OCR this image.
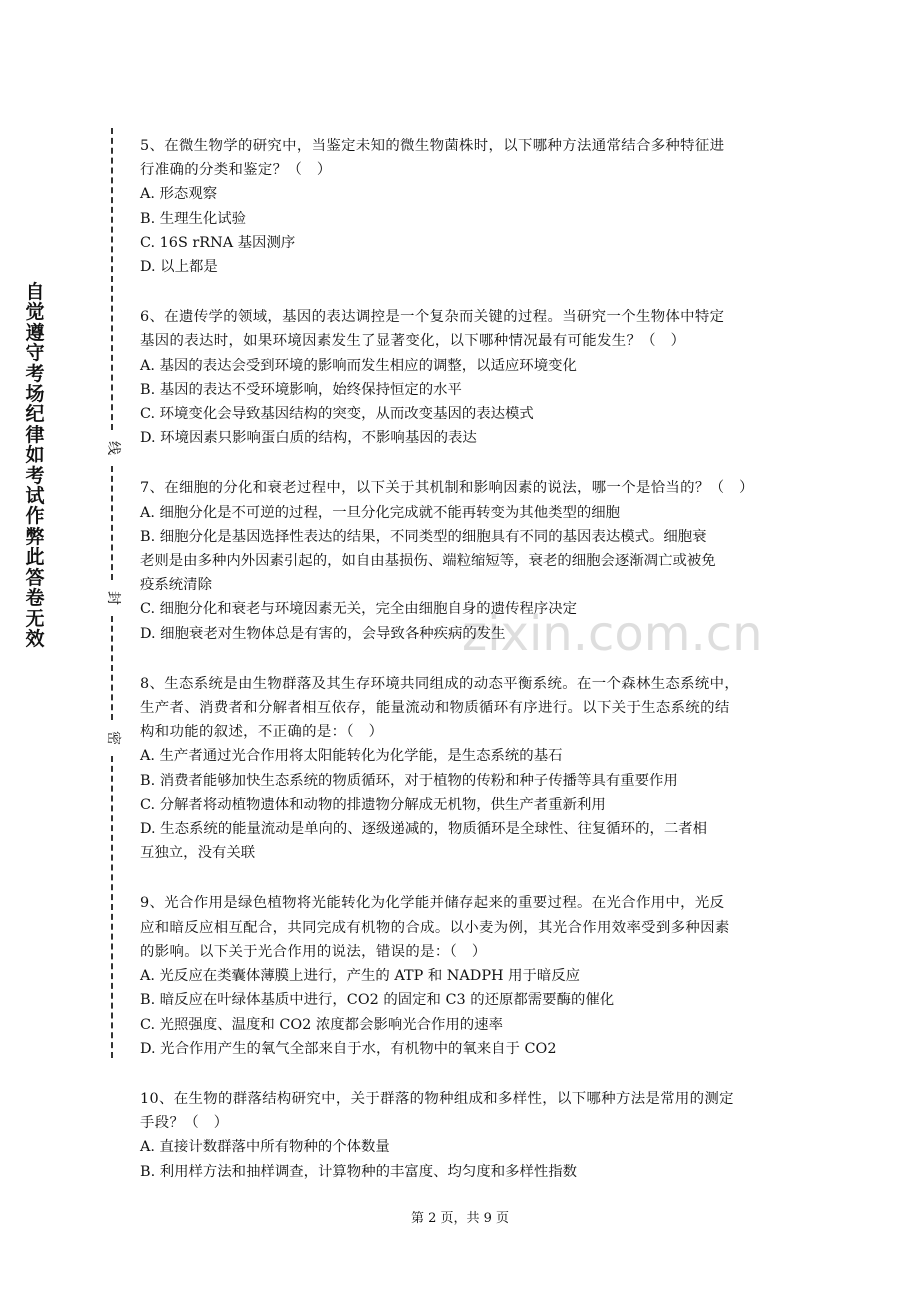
自觉遵守考场纪律如考试作弊此答卷无效
线
封
密
zixin.com.cn
5、在微生物学的研究中，当鉴定未知的微生物菌株时，以下哪种方法通常结合多种特征进
行准确的分类和鉴定？（　）
A. 形态观察
B. 生理生化试验
C. 16S rRNA 基因测序
D. 以上都是
6、在遗传学的领域，基因的表达调控是一个复杂而关键的过程。当研究一个生物体中特定
基因的表达时，如果环境因素发生了显著变化，以下哪种情况最有可能发生？（　）
A. 基因的表达会受到环境的影响而发生相应的调整，以适应环境变化
B. 基因的表达不受环境影响，始终保持恒定的水平
C. 环境变化会导致基因结构的突变，从而改变基因的表达模式
D. 环境因素只影响蛋白质的结构，不影响基因的表达
7、在细胞的分化和衰老过程中，以下关于其机制和影响因素的说法，哪一个是恰当的？（　）
A. 细胞分化是不可逆的过程，一旦分化完成就不能再转变为其他类型的细胞
B. 细胞分化是基因选择性表达的结果，不同类型的细胞具有不同的基因表达模式。细胞衰
老则是由多种内外因素引起的，如自由基损伤、端粒缩短等，衰老的细胞会逐渐凋亡或被免
疫系统清除
C. 细胞分化和衰老与环境因素无关，完全由细胞自身的遗传程序决定
D. 细胞衰老对生物体总是有害的，会导致各种疾病的发生
8、生态系统是由生物群落及其生存环境共同组成的动态平衡系统。在一个森林生态系统中，
生产者、消费者和分解者相互依存，能量流动和物质循环有序进行。以下关于生态系统的结
构和功能的叙述，不正确的是：（　）
A. 生产者通过光合作用将太阳能转化为化学能，是生态系统的基石
B. 消费者能够加快生态系统的物质循环，对于植物的传粉和种子传播等具有重要作用
C. 分解者将动植物遗体和动物的排遗物分解成无机物，供生产者重新利用
D. 生态系统的能量流动是单向的、逐级递减的，物质循环是全球性、往复循环的，二者相
互独立，没有关联
9、光合作用是绿色植物将光能转化为化学能并储存起来的重要过程。在光合作用中，光反
应和暗反应相互配合，共同完成有机物的合成。以小麦为例，其光合作用效率受到多种因素
的影响。以下关于光合作用的说法，错误的是：（　）
A. 光反应在类囊体薄膜上进行，产生的 ATP 和 NADPH 用于暗反应
B. 暗反应在叶绿体基质中进行，CO2 的固定和 C3 的还原都需要酶的催化
C. 光照强度、温度和 CO2 浓度都会影响光合作用的速率
D. 光合作用产生的氧气全部来自于水，有机物中的氧来自于 CO2
10、在生物的群落结构研究中，关于群落的物种组成和多样性，以下哪种方法是常用的测定
手段？（　）
A. 直接计数群落中所有物种的个体数量
B. 利用样方法和抽样调查，计算物种的丰富度、均匀度和多样性指数
第 2 页，共 9 页
